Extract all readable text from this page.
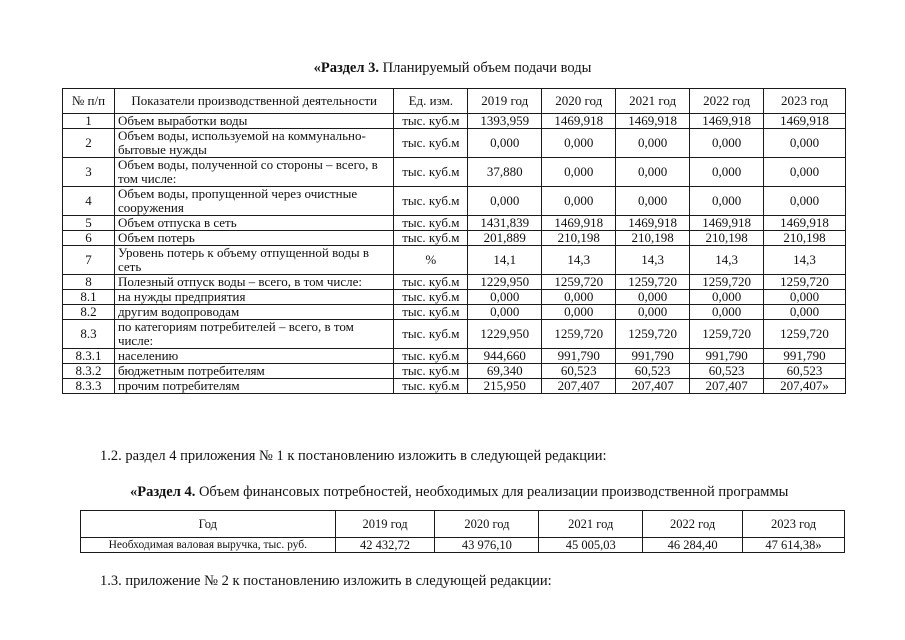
«Раздел 3. Планируемый объем подачи воды
№ п/п	Показатели производственной деятельности	Ед. изм.	2019 год	2020 год	2021 год	2022 год	2023 год
1	Объем выработки воды	тыс. куб.м	1393,959	1469,918	1469,918	1469,918	1469,918
2	Объем воды, используемой на коммунально-бытовые нужды	тыс. куб.м	0,000	0,000	0,000	0,000	0,000
3	Объем воды, полученной со стороны – всего, в том числе:	тыс. куб.м	37,880	0,000	0,000	0,000	0,000
4	Объем воды, пропущенной через очистные сооружения	тыс. куб.м	0,000	0,000	0,000	0,000	0,000
5	Объем отпуска в сеть	тыс. куб.м	1431,839	1469,918	1469,918	1469,918	1469,918
6	Объем потерь	тыс. куб.м	201,889	210,198	210,198	210,198	210,198
7	Уровень потерь к объему отпущенной воды в сеть	%	14,1	14,3	14,3	14,3	14,3
8	Полезный отпуск воды – всего, в том числе:	тыс. куб.м	1229,950	1259,720	1259,720	1259,720	1259,720
8.1	на нужды предприятия	тыс. куб.м	0,000	0,000	0,000	0,000	0,000
8.2	другим водопроводам	тыс. куб.м	0,000	0,000	0,000	0,000	0,000
8.3	по категориям потребителей – всего, в том числе:	тыс. куб.м	1229,950	1259,720	1259,720	1259,720	1259,720
8.3.1	населению	тыс. куб.м	944,660	991,790	991,790	991,790	991,790
8.3.2	бюджетным потребителям	тыс. куб.м	69,340	60,523	60,523	60,523	60,523
8.3.3	прочим потребителям	тыс. куб.м	215,950	207,407	207,407	207,407	207,407»
1.2. раздел 4 приложения № 1 к постановлению изложить в следующей редакции:
«Раздел 4. Объем финансовых потребностей, необходимых для реализации производственной программы
Год	2019 год	2020 год	2021 год	2022 год	2023 год
Необходимая валовая выручка, тыс. руб.	42 432,72	43 976,10	45 005,03	46 284,40	47 614,38»
1.3. приложение № 2 к постановлению изложить в следующей редакции:
